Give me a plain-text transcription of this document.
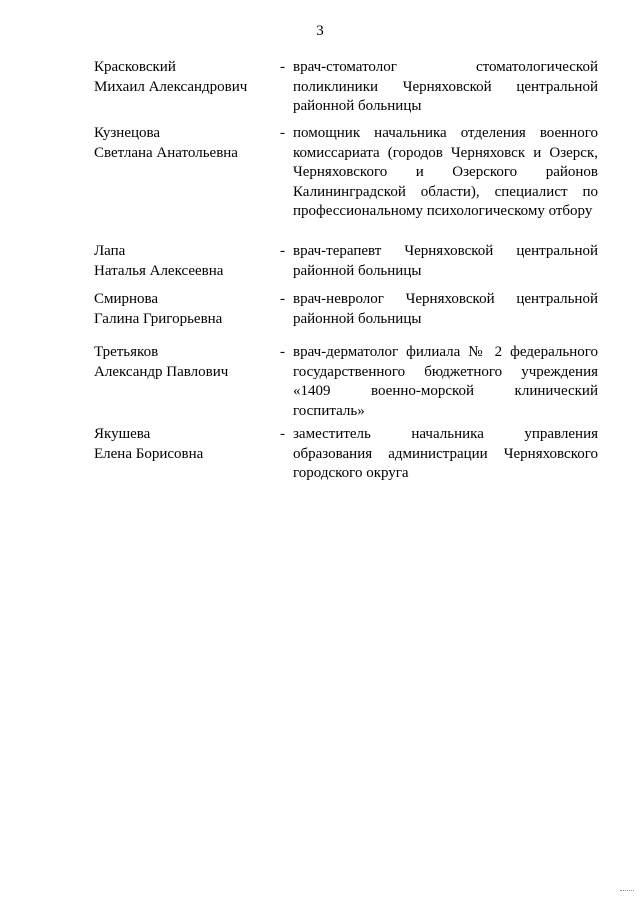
3
Красковский
Михаил Александрович
- врач-стоматолог стоматологической поликлиники Черняховской центральной районной больницы
Кузнецова
Светлана Анатольевна
- помощник начальника отделения военного комиссариата (городов Черняховск и Озерск, Черняховского и Озерского районов Калининградской области), специалист по профессиональному психологическому отбору
Лапа
Наталья Алексеевна
- врач-терапевт Черняховской центральной районной больницы
Смирнова
Галина Григорьевна
- врач-невролог Черняховской центральной районной больницы
Третьяков
Александр Павлович
- врач-дерматолог филиала № 2 федерального государственного бюджетного учреждения «1409 военно-морской клинический госпиталь»
Якушева
Елена Борисовна
- заместитель начальника управления образования администрации Черняховского городского округа
